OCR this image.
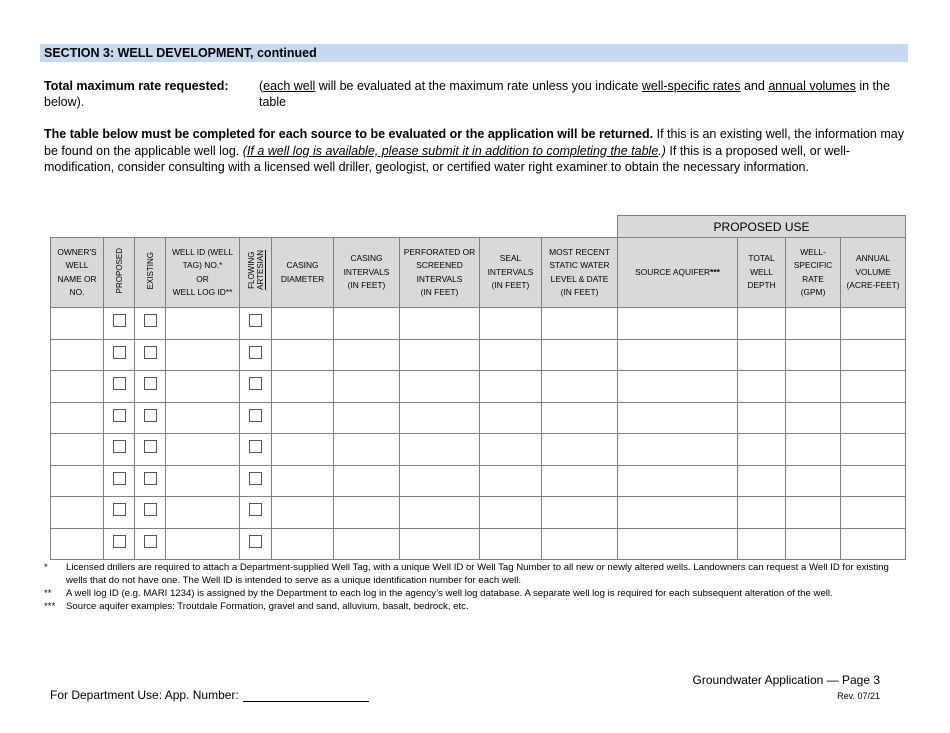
SECTION 3: WELL DEVELOPMENT, continued
Total maximum rate requested: (each well will be evaluated at the maximum rate unless you indicate well-specific rates and annual volumes in the table
below).
The table below must be completed for each source to be evaluated or the application will be returned. If this is an existing well, the information may be found on the applicable well log. (If a well log is available, please submit it in addition to completing the table.) If this is a proposed well, or well-modification, consider consulting with a licensed well driller, geologist, or certified water right examiner to obtain the necessary information.
										PROPOSED USE			
OWNER'S
WELL
NAME OR
NO.	PROPOSED	EXISTING	WELL ID (WELL
TAG) NO.*
OR
WELL LOG ID**	FLOWING
ARTESIAN	CASING
DIAMETER	CASING
INTERVALS
(IN FEET)	PERFORATED OR
SCREENED
INTERVALS
(IN FEET)	SEAL
INTERVALS
(IN FEET)	MOST RECENT
STATIC WATER
LEVEL & DATE
(IN FEET)	SOURCE AQUIFER***	TOTAL
WELL
DEPTH	WELL-
SPECIFIC
RATE
(GPM)	ANNUAL
VOLUME
(ACRE-FEET)

* Licensed drillers are required to attach a Department-supplied Well Tag, with a unique Well ID or Well Tag Number to all new or newly altered wells. Landowners can request a Well ID for existing wells that do not have one. The Well ID is intended to serve as a unique identification number for each well.
** A well log ID (e.g. MARI 1234) is assigned by the Department to each log in the agency’s well log database. A separate well log is required for each subsequent alteration of the well.
*** Source aquifer examples: Troutdale Formation, gravel and sand, alluvium, basalt, bedrock, etc.
For Department Use: App. Number:
Groundwater Application — Page 3
Rev. 07/21
